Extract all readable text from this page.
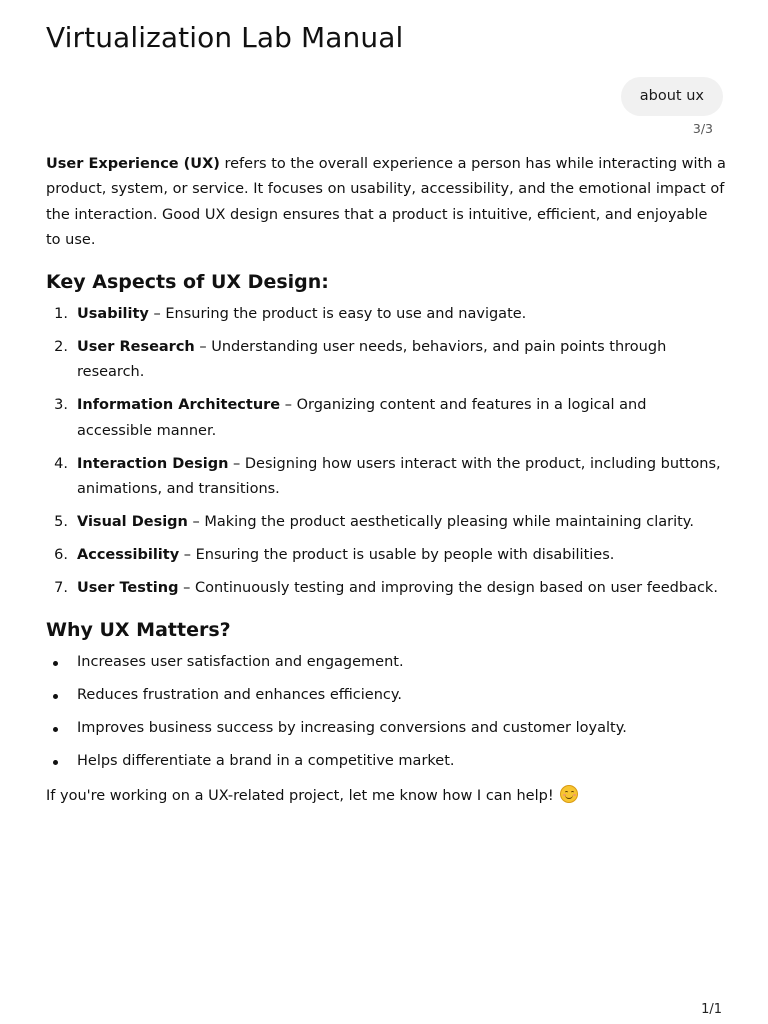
Virtualization Lab Manual
about ux
3/3

User Experience (UX) refers to the overall experience a person has while interacting with a product, system, or service. It focuses on usability, accessibility, and the emotional impact of the interaction. Good UX design ensures that a product is intuitive, efficient, and enjoyable to use.

Key Aspects of UX Design:
1. Usability – Ensuring the product is easy to use and navigate.
2. User Research – Understanding user needs, behaviors, and pain points through research.
3. Information Architecture – Organizing content and features in a logical and accessible manner.
4. Interaction Design – Designing how users interact with the product, including buttons, animations, and transitions.
5. Visual Design – Making the product aesthetically pleasing while maintaining clarity.
6. Accessibility – Ensuring the product is usable by people with disabilities.
7. User Testing – Continuously testing and improving the design based on user feedback.
Why UX Matters?
Increases user satisfaction and engagement.
Reduces frustration and enhances efficiency.
Improves business success by increasing conversions and customer loyalty.
Helps differentiate a brand in a competitive market.

If you're working on a UX-related project, let me know how I can help!

1/1
